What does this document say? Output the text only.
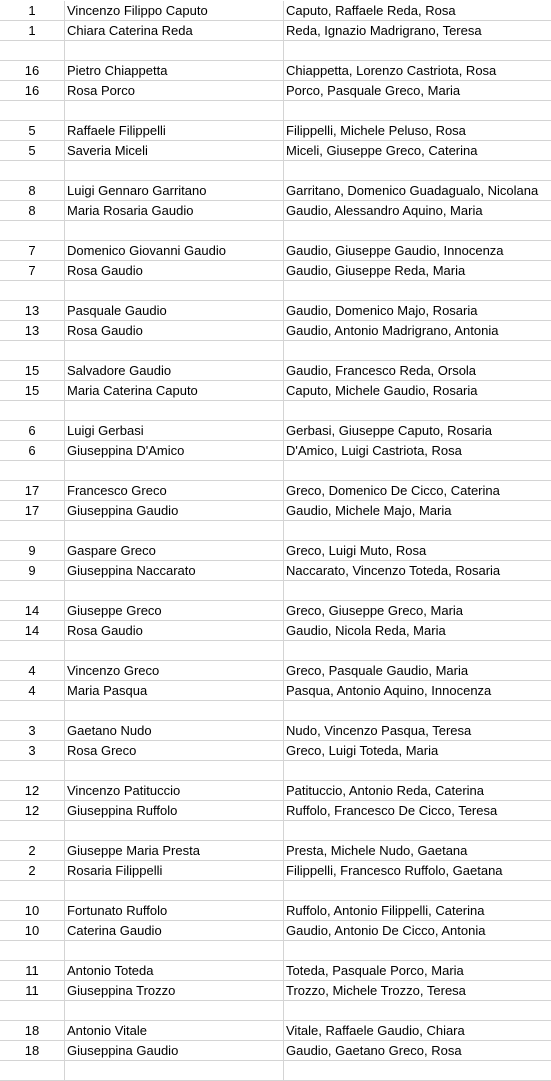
1	Vincenzo Filippo Caputo	Caputo, Raffaele Reda, Rosa
1	Chiara Caterina Reda	Reda, Ignazio Madrigrano, Teresa
16	Pietro Chiappetta	Chiappetta, Lorenzo Castriota, Rosa
16	Rosa Porco	Porco, Pasquale Greco, Maria
5	Raffaele Filippelli	Filippelli, Michele Peluso, Rosa
5	Saveria Miceli	Miceli, Giuseppe Greco, Caterina
8	Luigi Gennaro Garritano	Garritano, Domenico Guadagualo, Nicolana
8	Maria Rosaria Gaudio	Gaudio, Alessandro Aquino, Maria
7	Domenico Giovanni Gaudio	Gaudio, Giuseppe Gaudio, Innocenza
7	Rosa Gaudio	Gaudio, Giuseppe Reda, Maria
13	Pasquale Gaudio	Gaudio, Domenico Majo, Rosaria
13	Rosa Gaudio	Gaudio, Antonio Madrigrano, Antonia
15	Salvadore Gaudio	Gaudio, Francesco Reda, Orsola
15	Maria Caterina Caputo	Caputo, Michele Gaudio, Rosaria
6	Luigi Gerbasi	Gerbasi, Giuseppe Caputo, Rosaria
6	Giuseppina D'Amico	D'Amico, Luigi Castriota, Rosa
17	Francesco Greco	Greco, Domenico De Cicco, Caterina
17	Giuseppina Gaudio	Gaudio, Michele Majo, Maria
9	Gaspare Greco	Greco, Luigi Muto, Rosa
9	Giuseppina Naccarato	Naccarato, Vincenzo Toteda, Rosaria
14	Giuseppe Greco	Greco, Giuseppe Greco, Maria
14	Rosa Gaudio	Gaudio, Nicola Reda, Maria
4	Vincenzo Greco	Greco, Pasquale Gaudio, Maria
4	Maria Pasqua	Pasqua, Antonio Aquino, Innocenza
3	Gaetano Nudo	Nudo, Vincenzo Pasqua, Teresa
3	Rosa Greco	Greco, Luigi Toteda, Maria
12	Vincenzo Patituccio	Patituccio, Antonio Reda, Caterina
12	Giuseppina Ruffolo	Ruffolo, Francesco De Cicco, Teresa
2	Giuseppe Maria Presta	Presta, Michele Nudo, Gaetana
2	Rosaria Filippelli	Filippelli, Francesco Ruffolo, Gaetana
10	Fortunato Ruffolo	Ruffolo, Antonio Filippelli, Caterina
10	Caterina Gaudio	Gaudio, Antonio De Cicco, Antonia
11	Antonio Toteda	Toteda, Pasquale Porco, Maria
11	Giuseppina Trozzo	Trozzo, Michele Trozzo, Teresa
18	Antonio Vitale	Vitale, Raffaele Gaudio, Chiara
18	Giuseppina Gaudio	Gaudio, Gaetano Greco, Rosa
